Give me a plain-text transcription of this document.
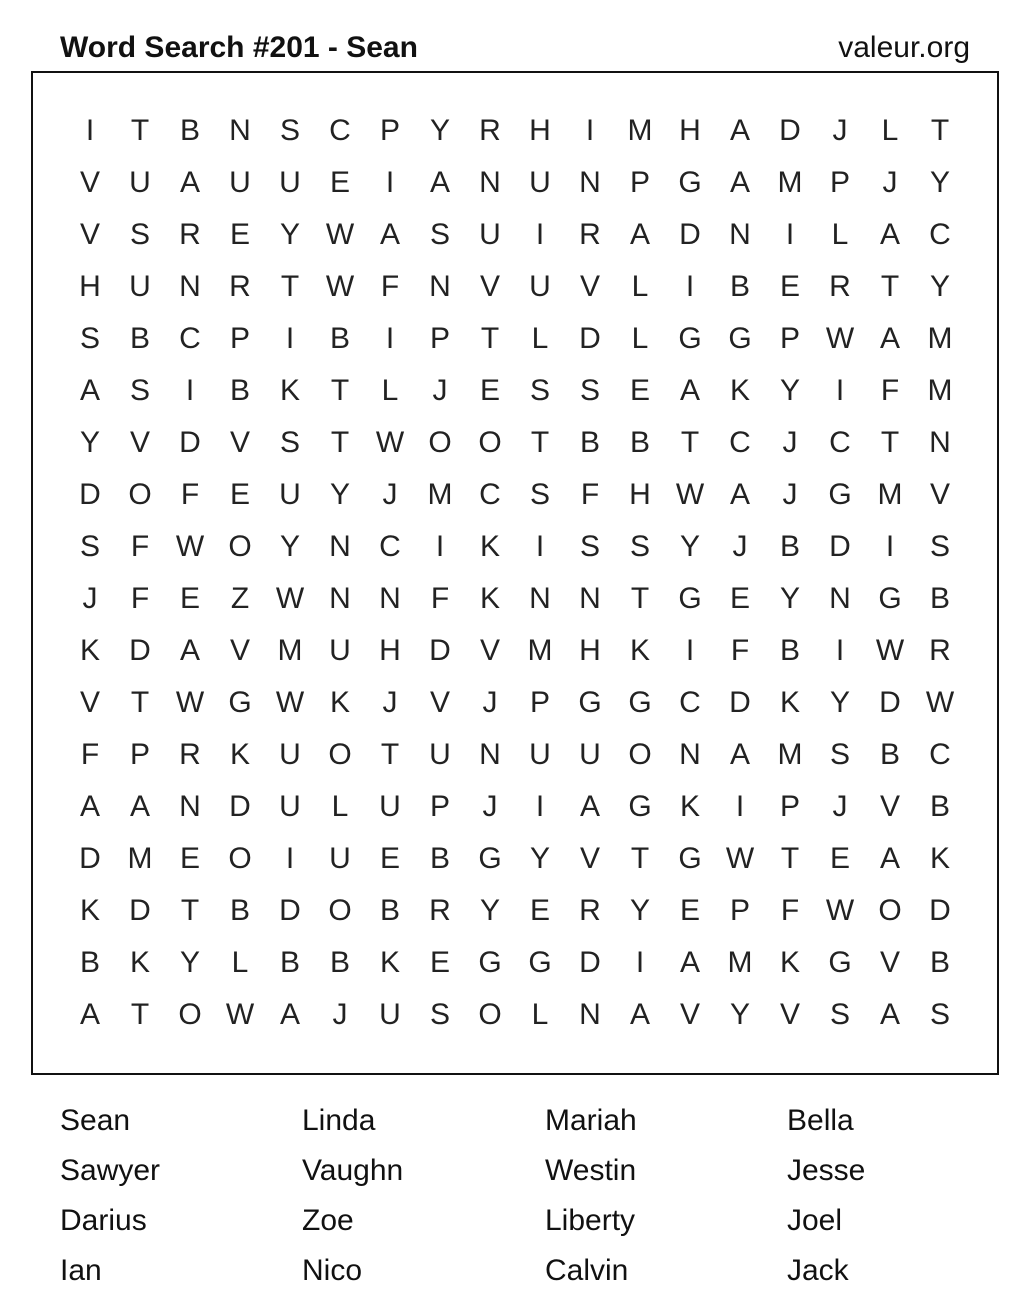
Word Search #201 - Sean	valeur.org
I	T	B N S C P Y R H	I	M H A D	J	L	T
V U A U U E	I	A N U N P G A M P	J	Y
V S R E Y W A S U	I	R A D N	I	L	A C
H U N R	T W F	N V U V	L	I	B E R	T	Y
S B C P	I	B	I	P	T	L	D	L G G P W A M
A S	I	B K	T	L	J	E S S E A K Y	I	F M
Y V D V S	T W O O T	B B	T	C	J	C	T	N
D O F	E U Y	J	M C S	F	H W A	J	G M V
S	F W O Y N C	I	K	I	S S Y	J	B D	I	S
J	F	E	Z W N N	F	K N N	T G E Y N G B
K D A V M U H D V M H K	I	F	B	I	W R
V	T W G W K	J	V	J	P G G C D K Y D W
F	P R K U O T	U N U U O N A M S B C
A A N D U	L	U P	J	I	A G K	I	P	J	V B
D M E O	I	U E B G Y V	T G W T	E A K
K D	T	B D O B R Y E R Y E P	F W O D
B K Y	L	B B K E G G D	I	A M K G V B
A	T O W A	J	U S O L	N A V Y V S A S
Sean	Linda	Mariah	Bella
Sawyer	Vaughn	Westin	Jesse
Darius	Zoe	Liberty	Joel
Ian	Nico	Calvin	Jack
